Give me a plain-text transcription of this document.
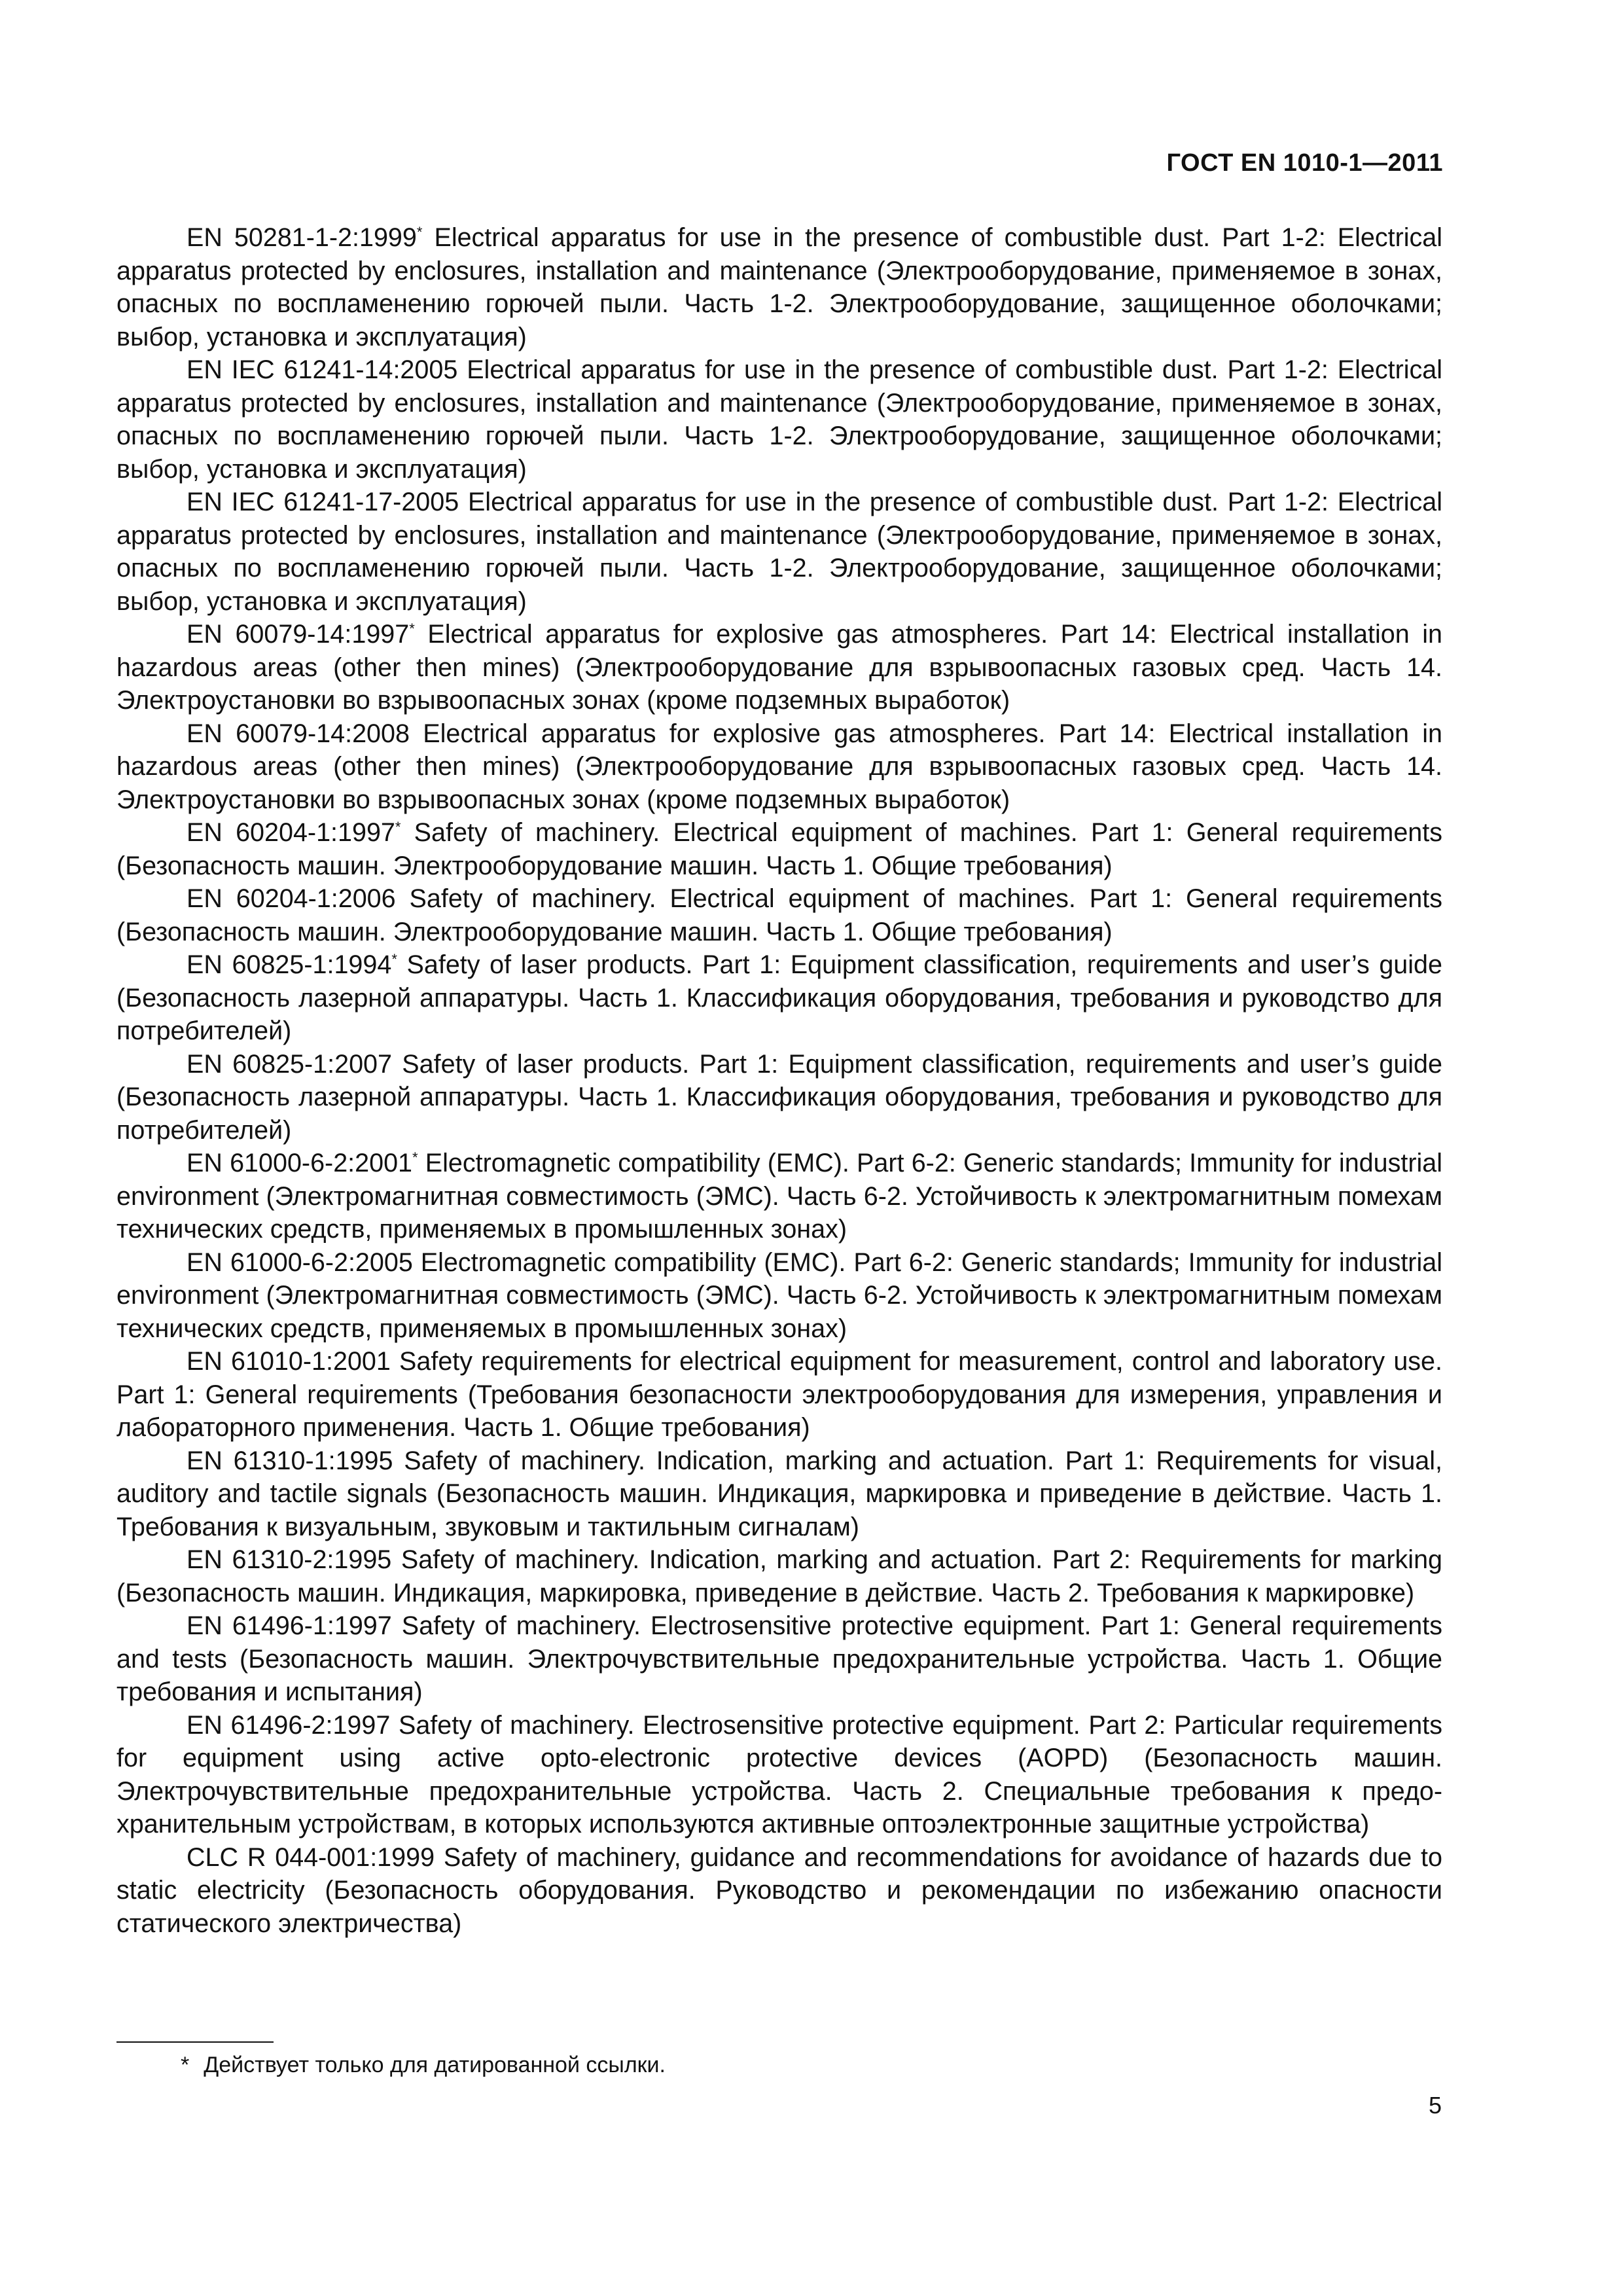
ГОСТ EN 1010-1—2011

EN 50281-1-2:1999* Electrical apparatus for use in the presence of combustible dust. Part 1-2: Electrical apparatus protected by enclosures, installation and maintenance (Электрооборудование, применяемое в зонах, опасных по воспламенению горючей пыли. Часть 1-2. Электрооборудование, защищенное оболочками; выбор, установка и эксплуатация)

EN IEC 61241-14:2005 Electrical apparatus for use in the presence of combustible dust. Part 1-2: Electrical apparatus protected by enclosures, installation and maintenance (Электрооборудование, применяемое в зонах, опасных по воспламенению горючей пыли. Часть 1-2. Электрооборудование, защищенное оболочками; выбор, установка и эксплуатация)

EN IEC 61241-17-2005 Electrical apparatus for use in the presence of combustible dust. Part 1-2: Electrical apparatus protected by enclosures, installation and maintenance (Электрооборудование, применяемое в зонах, опасных по воспламенению горючей пыли. Часть 1-2. Электрооборудование, защищенное оболочками; выбор, установка и эксплуатация)

EN 60079-14:1997* Electrical apparatus for explosive gas atmospheres. Part 14: Electrical installation in hazardous areas (other then mines) (Электрооборудование для взрывоопасных газовых сред. Часть 14. Электроустановки во взрывоопасных зонах (кроме подземных выработок)

EN 60079-14:2008 Electrical apparatus for explosive gas atmospheres. Part 14: Electrical installation in hazardous areas (other then mines) (Электрооборудование для взрывоопасных газовых сред. Часть 14. Электроустановки во взрывоопасных зонах (кроме подземных выработок)

EN 60204-1:1997* Safety of machinery. Electrical equipment of machines. Part 1: General requirements (Безопасность машин. Электрооборудование машин. Часть 1. Общие требования)

EN 60204-1:2006 Safety of machinery. Electrical equipment of machines. Part 1: General requirements (Безопасность машин. Электрооборудование машин. Часть 1. Общие требования)

EN 60825-1:1994* Safety of laser products. Part 1: Equipment classification, requirements and user’s guide (Безопасность лазерной аппаратуры. Часть 1. Классификация оборудования, требования и руководство для потребителей)

EN 60825-1:2007 Safety of laser products. Part 1: Equipment classification, requirements and user’s guide (Безопасность лазерной аппаратуры. Часть 1. Классификация оборудования, требования и руководство для потребителей)

EN 61000-6-2:2001* Electromagnetic compatibility (EMC). Part 6-2: Generic standards; Immunity for industrial environment (Электромагнитная совместимость (ЭМС). Часть 6-2. Устойчивость к электромагнитным помехам технических средств, применяемых в промышленных зонах)

EN 61000-6-2:2005 Electromagnetic compatibility (EMC). Part 6-2: Generic standards; Immunity for industrial environment (Электромагнитная совместимость (ЭМС). Часть 6-2. Устойчивость к электромагнитным помехам технических средств, применяемых в промышленных зонах)

EN 61010-1:2001 Safety requirements for electrical equipment for measurement, control and laboratory use. Part 1: General requirements (Требования безопасности электрооборудования для измерения, управления и лабораторного применения. Часть 1. Общие требования)

EN 61310-1:1995 Safety of machinery. Indication, marking and actuation. Part 1: Requirements for visual, auditory and tactile signals (Безопасность машин. Индикация, маркировка и приведение в действие. Часть 1. Требования к визуальным, звуковым и тактильным сигналам)

EN 61310-2:1995 Safety of machinery. Indication, marking and actuation. Part 2: Requirements for marking (Безопасность машин. Индикация, маркировка, приведение в действие. Часть 2. Требования к маркировке)

EN 61496-1:1997 Safety of machinery. Electrosensitive protective equipment. Part 1: General requirements and tests (Безопасность машин. Электрочувствительные предохранительные устройства. Часть 1. Общие требования и испытания)

EN 61496-2:1997 Safety of machinery. Electrosensitive protective equipment. Part 2: Particular requirements for equipment using active opto-electronic protective devices (AOPD) (Безопасность машин. Электрочувствительные предохранительные устройства. Часть 2. Специальные требования к предохранительным устройствам, в которых используются активные оптоэлектронные защитные устройства)

CLC R 044-001:1999 Safety of machinery, guidance and recommendations for avoidance of hazards due to static electricity (Безопасность оборудования. Руководство и рекомендации по избежанию опасности статического электричества)

* Действует только для датированной ссылки.
5
